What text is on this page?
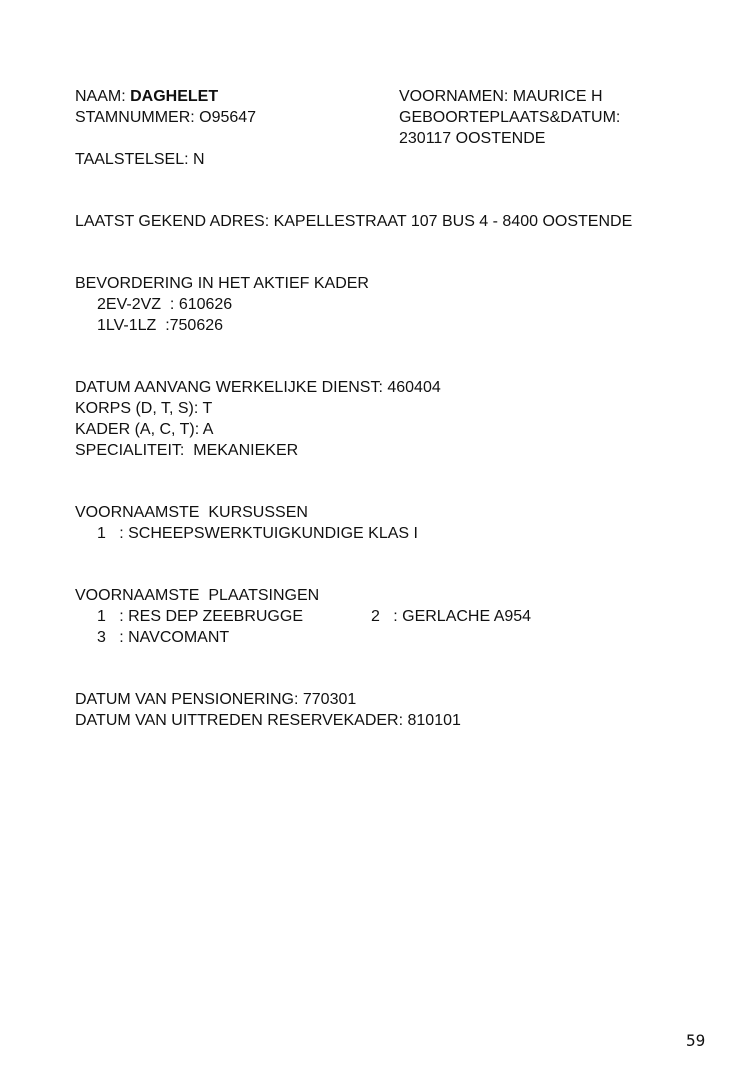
NAAM: DAGHELET
STAMNUMMER: O95647
VOORNAMEN: MAURICE H
GEBOORTEPLAATS&DATUM:
230117 OOSTENDE
TAALSTELSEL: N
LAATST GEKEND ADRES: KAPELLESTRAAT 107 BUS 4 - 8400 OOSTENDE
BEVORDERING IN HET AKTIEF KADER
2EV-2VZ  : 610626
1LV-1LZ  :750626
DATUM AANVANG WERKELIJKE DIENST: 460404
KORPS (D, T, S): T
KADER (A, C, T): A
SPECIALITEIT:  MEKANIEKER
VOORNAAMSTE  KURSUSSEN
1   : SCHEEPSWERKTUIGKUNDIGE KLAS I
VOORNAAMSTE  PLAATSINGEN
1   : RES DEP ZEEBRUGGE	2   : GERLACHE A954
3   : NAVCOMANT
DATUM VAN PENSIONERING: 770301
DATUM VAN UITTREDEN RESERVEKADER: 810101
59
